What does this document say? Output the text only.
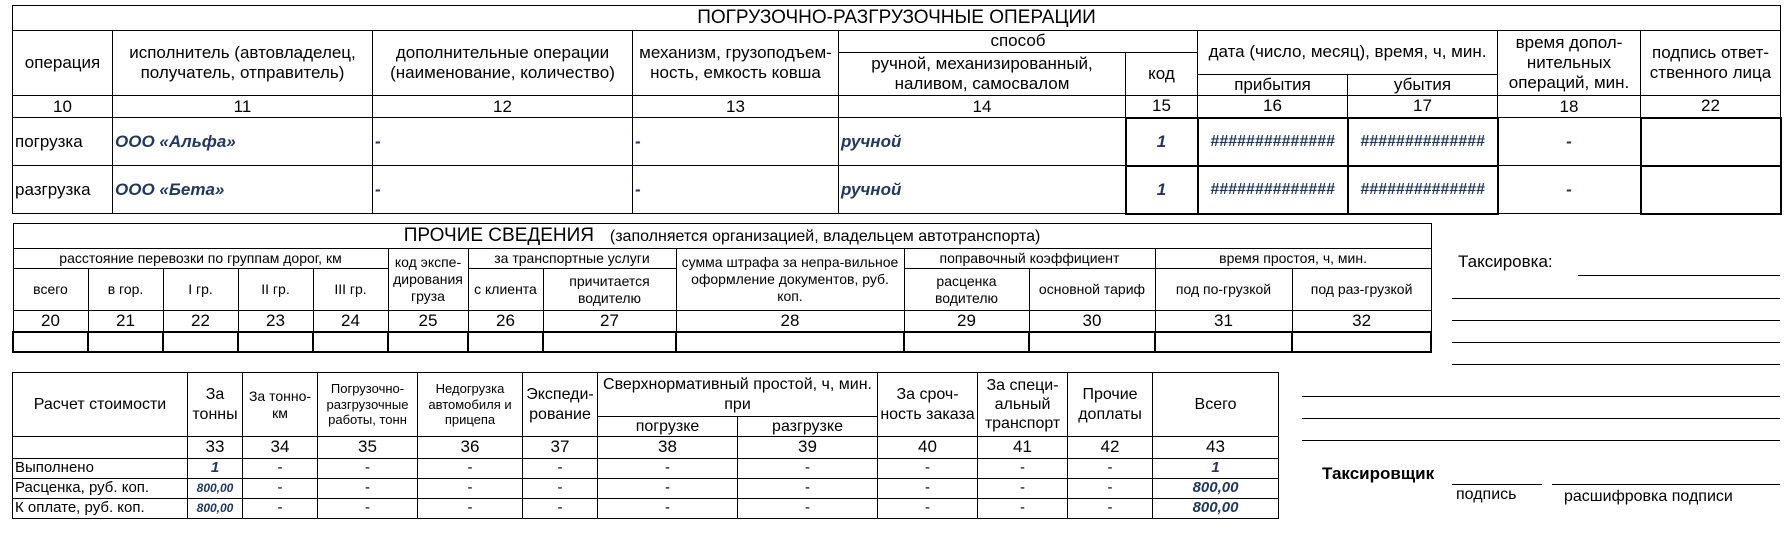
ПОГРУЗОЧНО-РАЗГРУЗОЧНЫЕ ОПЕРАЦИИ									
операция	исполнитель (автовладелец, получатель, отправитель)	дополнительные операции (наименование, количество)	механизм, грузоподъем-ность, емкость ковша	способ		дата (число, месяц), время, ч, мин.		время допол-нительных операций, мин.	подпись ответ-ственного лица
				ручной, механизированный, наливом, самосвалом	код				
						прибытия	убытия		
10	11	12	13	14	15	16	17	18	22
погрузка	ООО «Альфа»	-	-	ручной	1	##############	##############	-	
разгрузка	ООО «Бета»	-	-	ручной	1	##############	##############	-	
ПРОЧИЕ СВЕДЕНИЯ (заполняется организацией, владельцем автотранспорта)												
расстояние перевозки по группам дорог, км					код экспе-дирования груза	за транспортные услуги		сумма штрафа за непра-вильное оформление документов, руб. коп.	поправочный коэффициент		время простоя, ч, мин.	
всего	в гор.	I гр.	II гр.	III гр.		с клиента	причитается водителю		расценка водителю	основной тариф	под по-грузкой	под раз-грузкой
20	21	22	23	24	25	26	27	28	29	30	31	32

Таксировка:
Таксировщик
подпись	расшифровка подписи
Расчет стоимости	За тонны	За тонно-км	Погрузочно-разгрузочные работы, тонн	Недогрузка автомобиля и прицепа	Экспеди-рование	Сверхнормативный простой, ч, мин. при		За сроч-ность заказа	За специ-альный транспорт	Прочие доплаты	Всего

						погрузке	разгрузке				
	33	34	35	36	37	38	39	40	41	42	43
Выполнено	1	-	-	-	-	-	-	-	-	-	1
Расценка, руб. коп.	800,00	-	-	-	-	-	-	-	-	-	800,00
К оплате, руб. коп.	800,00	-	-	-	-	-	-	-	-	-	800,00
